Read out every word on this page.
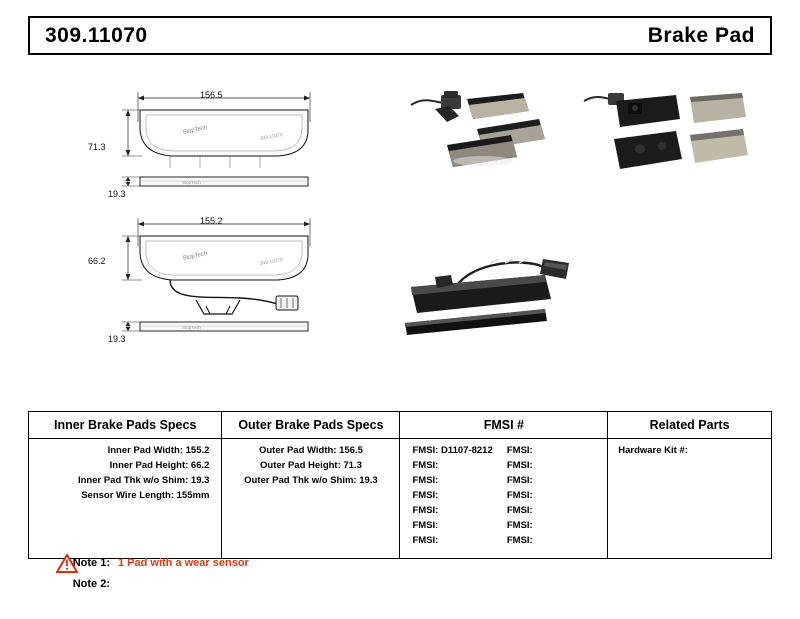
309.11070	Brake Pad
StopTech
309.11070
StopTech
156.5
71.3
19.3
StopTech
309.11070
StopTech
155.2
66.2
19.3
Inner Brake Pads Specs	Outer Brake Pads Specs	FMSI #	Related Parts

Inner Pad Width: 155.2
Inner Pad Height: 66.2
Inner Pad Thk w/o Shim: 19.3
Sensor Wire Length: 155mm

Outer Pad Width: 156.5
Outer Pad Height: 71.3
Outer Pad Thk w/o Shim: 19.3

FMSI: D1107-8212
FMSI:
FMSI:
FMSI:
FMSI:
FMSI:
FMSI:
FMSI:
FMSI:
FMSI:
FMSI:
FMSI:
FMSI:
FMSI:

Hardware Kit #:
Note 1: 1 Pad with a wear sensor
Note 2:
